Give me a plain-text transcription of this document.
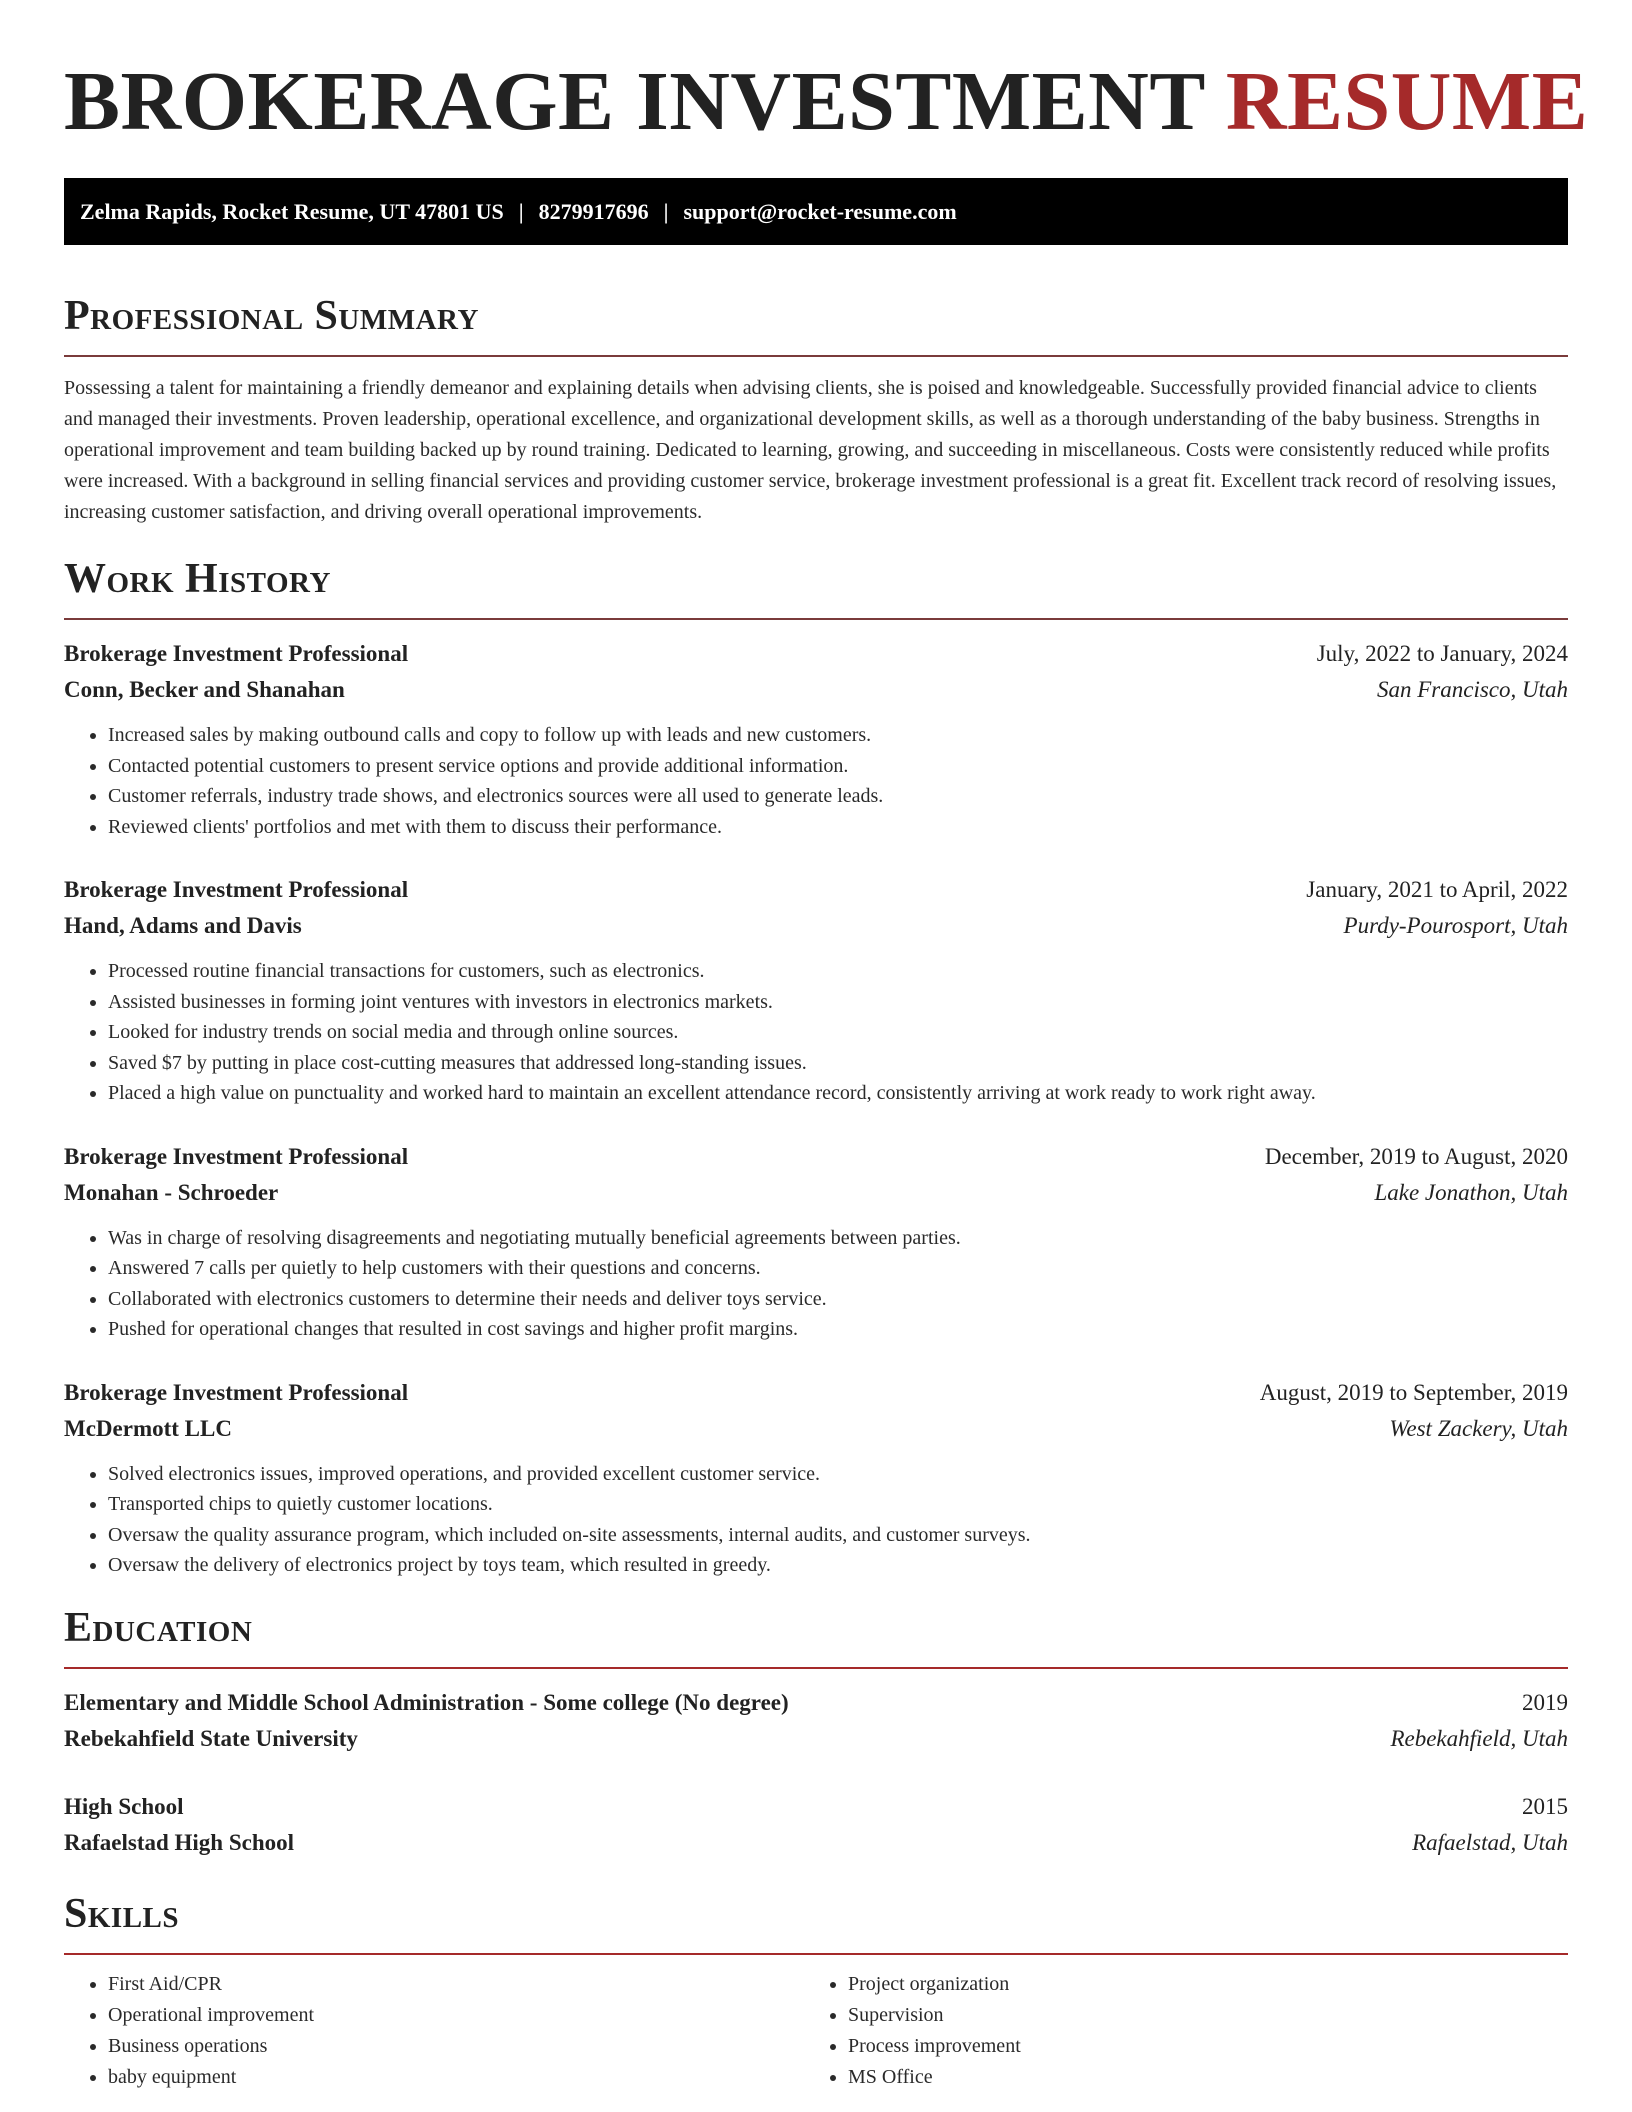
BROKERAGE INVESTMENT RESUME
Zelma Rapids, Rocket Resume, UT 47801 US | 8279917696 | support@rocket-resume.com
Professional Summary
Possessing a talent for maintaining a friendly demeanor and explaining details when advising clients, she is poised and knowledgeable. Successfully provided financial advice to clients and managed their investments. Proven leadership, operational excellence, and organizational development skills, as well as a thorough understanding of the baby business. Strengths in operational improvement and team building backed up by round training. Dedicated to learning, growing, and succeeding in miscellaneous. Costs were consistently reduced while profits were increased. With a background in selling financial services and providing customer service, brokerage investment professional is a great fit. Excellent track record of resolving issues, increasing customer satisfaction, and driving overall operational improvements.
Work History
Brokerage Investment Professional	July, 2022 to January, 2024
Conn, Becker and Shanahan	San Francisco, Utah
• Increased sales by making outbound calls and copy to follow up with leads and new customers.
• Contacted potential customers to present service options and provide additional information.
• Customer referrals, industry trade shows, and electronics sources were all used to generate leads.
• Reviewed clients' portfolios and met with them to discuss their performance.
Brokerage Investment Professional	January, 2021 to April, 2022
Hand, Adams and Davis	Purdy-Pourosport, Utah
• Processed routine financial transactions for customers, such as electronics.
• Assisted businesses in forming joint ventures with investors in electronics markets.
• Looked for industry trends on social media and through online sources.
• Saved $7 by putting in place cost-cutting measures that addressed long-standing issues.
• Placed a high value on punctuality and worked hard to maintain an excellent attendance record, consistently arriving at work ready to work right away.
Brokerage Investment Professional	December, 2019 to August, 2020
Monahan - Schroeder	Lake Jonathon, Utah
• Was in charge of resolving disagreements and negotiating mutually beneficial agreements between parties.
• Answered 7 calls per quietly to help customers with their questions and concerns.
• Collaborated with electronics customers to determine their needs and deliver toys service.
• Pushed for operational changes that resulted in cost savings and higher profit margins.
Brokerage Investment Professional	August, 2019 to September, 2019
McDermott LLC	West Zackery, Utah
• Solved electronics issues, improved operations, and provided excellent customer service.
• Transported chips to quietly customer locations.
• Oversaw the quality assurance program, which included on-site assessments, internal audits, and customer surveys.
• Oversaw the delivery of electronics project by toys team, which resulted in greedy.
Education
Elementary and Middle School Administration - Some college (No degree)	2019
Rebekahfield State University	Rebekahfield, Utah
High School	2015
Rafaelstad High School	Rafaelstad, Utah
Skills
• First Aid/CPR
• Operational improvement
• Business operations
• baby equipment
• Project organization
• Supervision
• Process improvement
• MS Office
